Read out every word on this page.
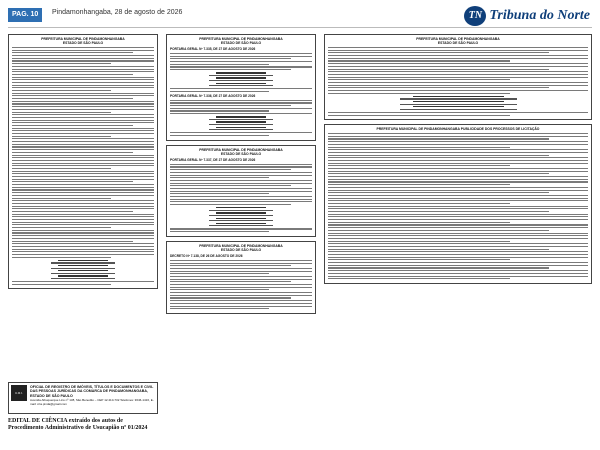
PAG. 10	Pindamonhangaba, 28 de agosto de 2026	TN Tribuna do Norte
PREFEITURA MUNICIPAL DE PINDAMONHANGABA
ESTADO DE SÃO PAULO
C.R.I.
OFICIAL DE REGISTRO DE IMÓVEIS, TÍTULOS E DOCUMENTOS E CIVIL DAS PESSOAS JURÍDICAS DA COMARCA DE PINDAMONHANGABA, ESTADO DE SÃO PAULO
Avenida Albuquerque Lins nº 138, São Benedito – CEP 12.410-732 Telefones: 3646-1416, E-mail: cria.pinda@gmail.com
EDITAL DE CIÊNCIA extraído dos autos de Procedimento Administrativo de Usucapião nº 01/2024
PREFEITURA MUNICIPAL DE PINDAMONHANGABA
ESTADO DE SÃO PAULO
PORTARIA GERAL Nº 7.335, DE 27 DE AGOSTO DE 2026
PORTARIA GERAL Nº 7.336, DE 27 DE AGOSTO DE 2026
PREFEITURA MUNICIPAL DE PINDAMONHANGABA
ESTADO DE SÃO PAULO
PORTARIA GERAL Nº 7.337, DE 27 DE AGOSTO DE 2026
PREFEITURA MUNICIPAL DE PINDAMONHANGABA
ESTADO DE SÃO PAULO
DECRETO Nº 7.138, DE 26 DE AGOSTO DE 2026
PREFEITURA MUNICIPAL DE PINDAMONHANGABA
ESTADO DE SÃO PAULO
PREFEITURA MUNICIPAL DE PINDAMONHANGABA PUBLICIDADE DOS PROCESSOS DE LICITAÇÃO
